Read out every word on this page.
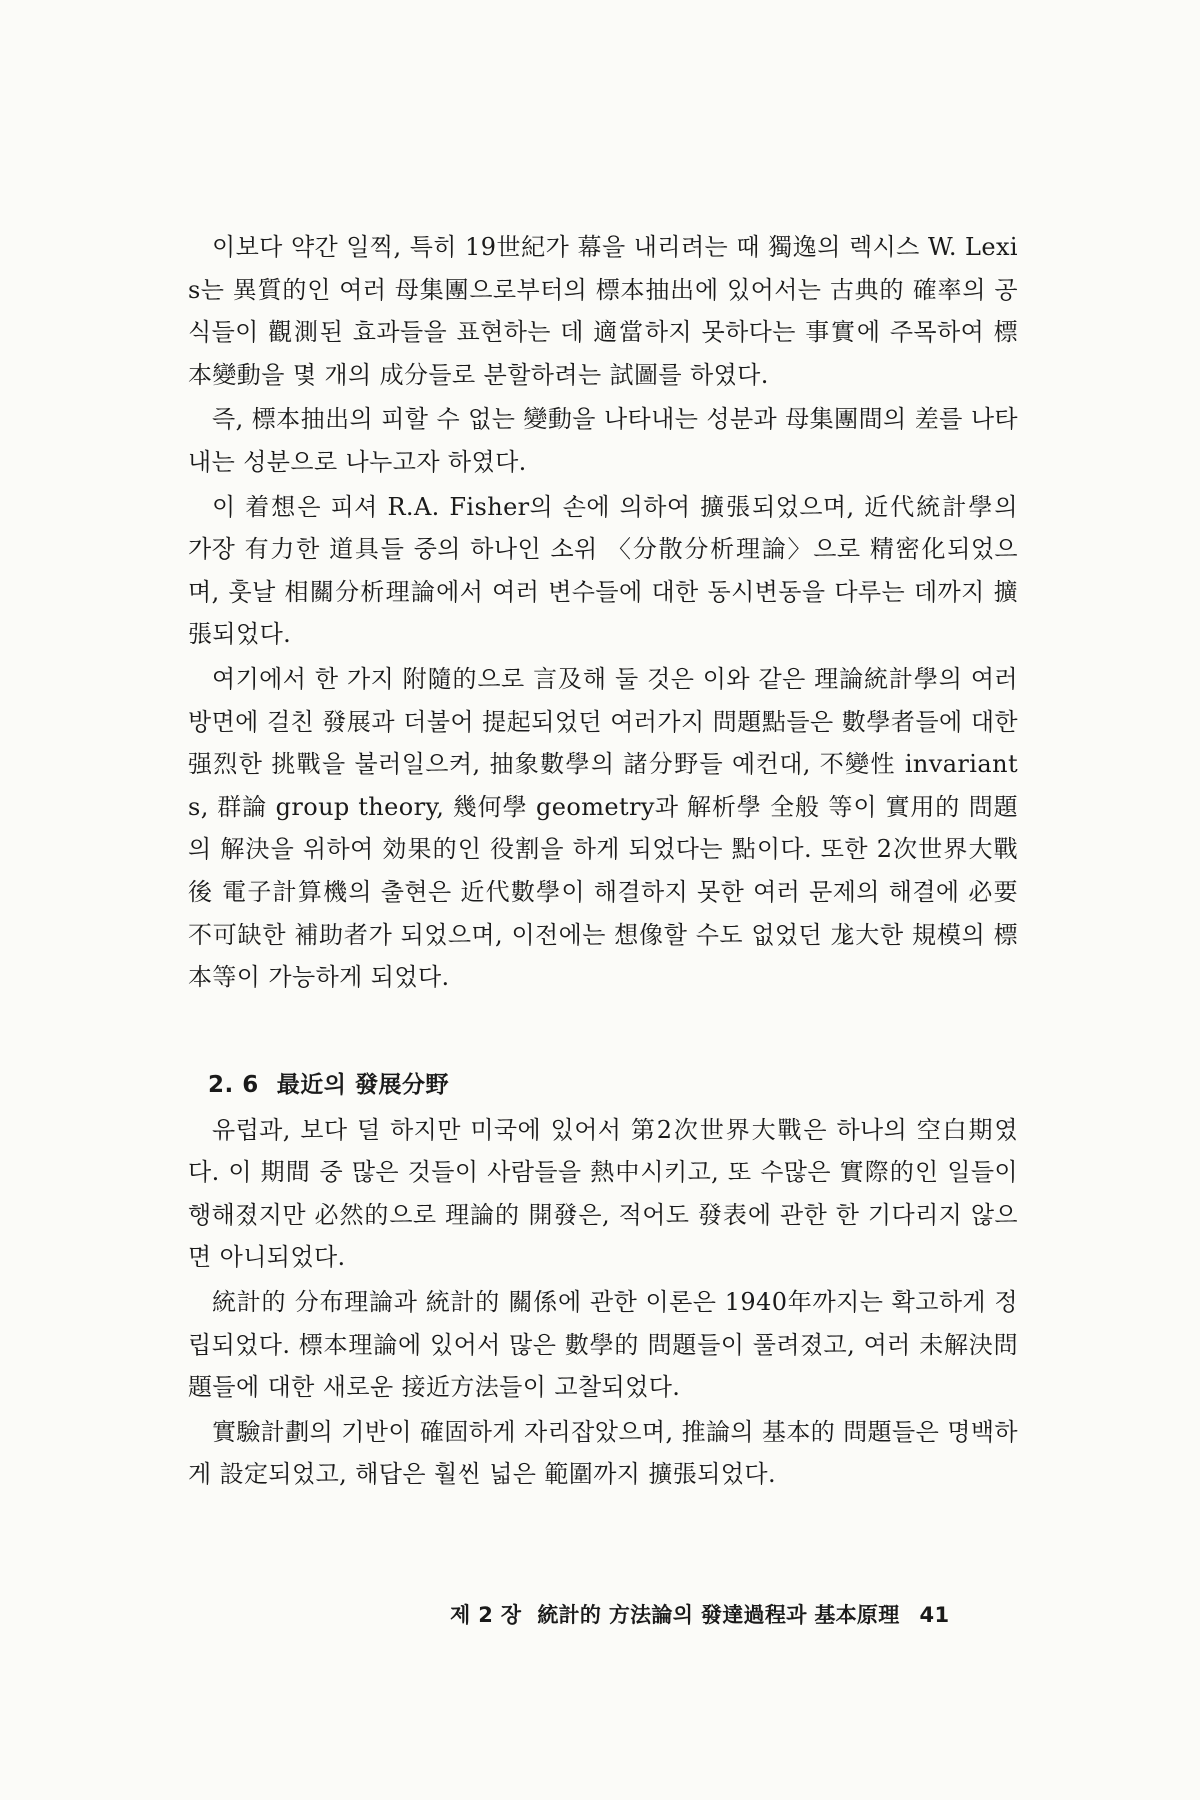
이보다 약간 일찍, 특히 19世紀가 幕을 내리려는 때 獨逸의 렉시스 W. Lexis는 異質的인 여러 母集團으로부터의 標本抽出에 있어서는 古典的 確率의 공식들이 觀測된 효과들을 표현하는 데 適當하지 못하다는 事實에 주목하여 標本變動을 몇 개의 成分들로 분할하려는 試圖를 하였다.

즉, 標本抽出의 피할 수 없는 變動을 나타내는 성분과 母集團間의 差를 나타내는 성분으로 나누고자 하였다.

이 着想은 피셔 R.A. Fisher의 손에 의하여 擴張되었으며, 近代統計學의 가장 有力한 道具들 중의 하나인 소위 〈分散分析理論〉으로 精密化되었으며, 훗날 相關分析理論에서 여러 변수들에 대한 동시변동을 다루는 데까지 擴張되었다.

여기에서 한 가지 附隨的으로 言及해 둘 것은 이와 같은 理論統計學의 여러 방면에 걸친 發展과 더불어 提起되었던 여러가지 問題點들은 數學者들에 대한 强烈한 挑戰을 불러일으켜, 抽象數學의 諸分野들 예컨대, 不變性 invariants, 群論 group theory, 幾何學 geometry과 解析學 全般 等이 實用的 問題의 解決을 위하여 効果的인 役割을 하게 되었다는 點이다. 또한 2次世界大戰 後 電子計算機의 출현은 近代數學이 해결하지 못한 여러 문제의 해결에 必要不可缺한 補助者가 되었으며, 이전에는 想像할 수도 없었던 尨大한 規模의 標本等이 가능하게 되었다.

2. 6 最近의 發展分野

유럽과, 보다 덜 하지만 미국에 있어서 第2次世界大戰은 하나의 空白期였다. 이 期間 중 많은 것들이 사람들을 熱中시키고, 또 수많은 實際的인 일들이 행해졌지만 必然的으로 理論的 開發은, 적어도 發表에 관한 한 기다리지 않으면 아니되었다.

統計的 分布理論과 統計的 關係에 관한 이론은 1940年까지는 확고하게 정립되었다. 標本理論에 있어서 많은 數學的 問題들이 풀려졌고, 여러 未解決問題들에 대한 새로운 接近方法들이 고찰되었다.

實驗計劃의 기반이 確固하게 자리잡았으며, 推論의 基本的 問題들은 명백하게 設定되었고, 해답은 훨씬 넓은 範圍까지 擴張되었다.

제 2 장 統計的 方法論의 發達過程과 基本原理 41
